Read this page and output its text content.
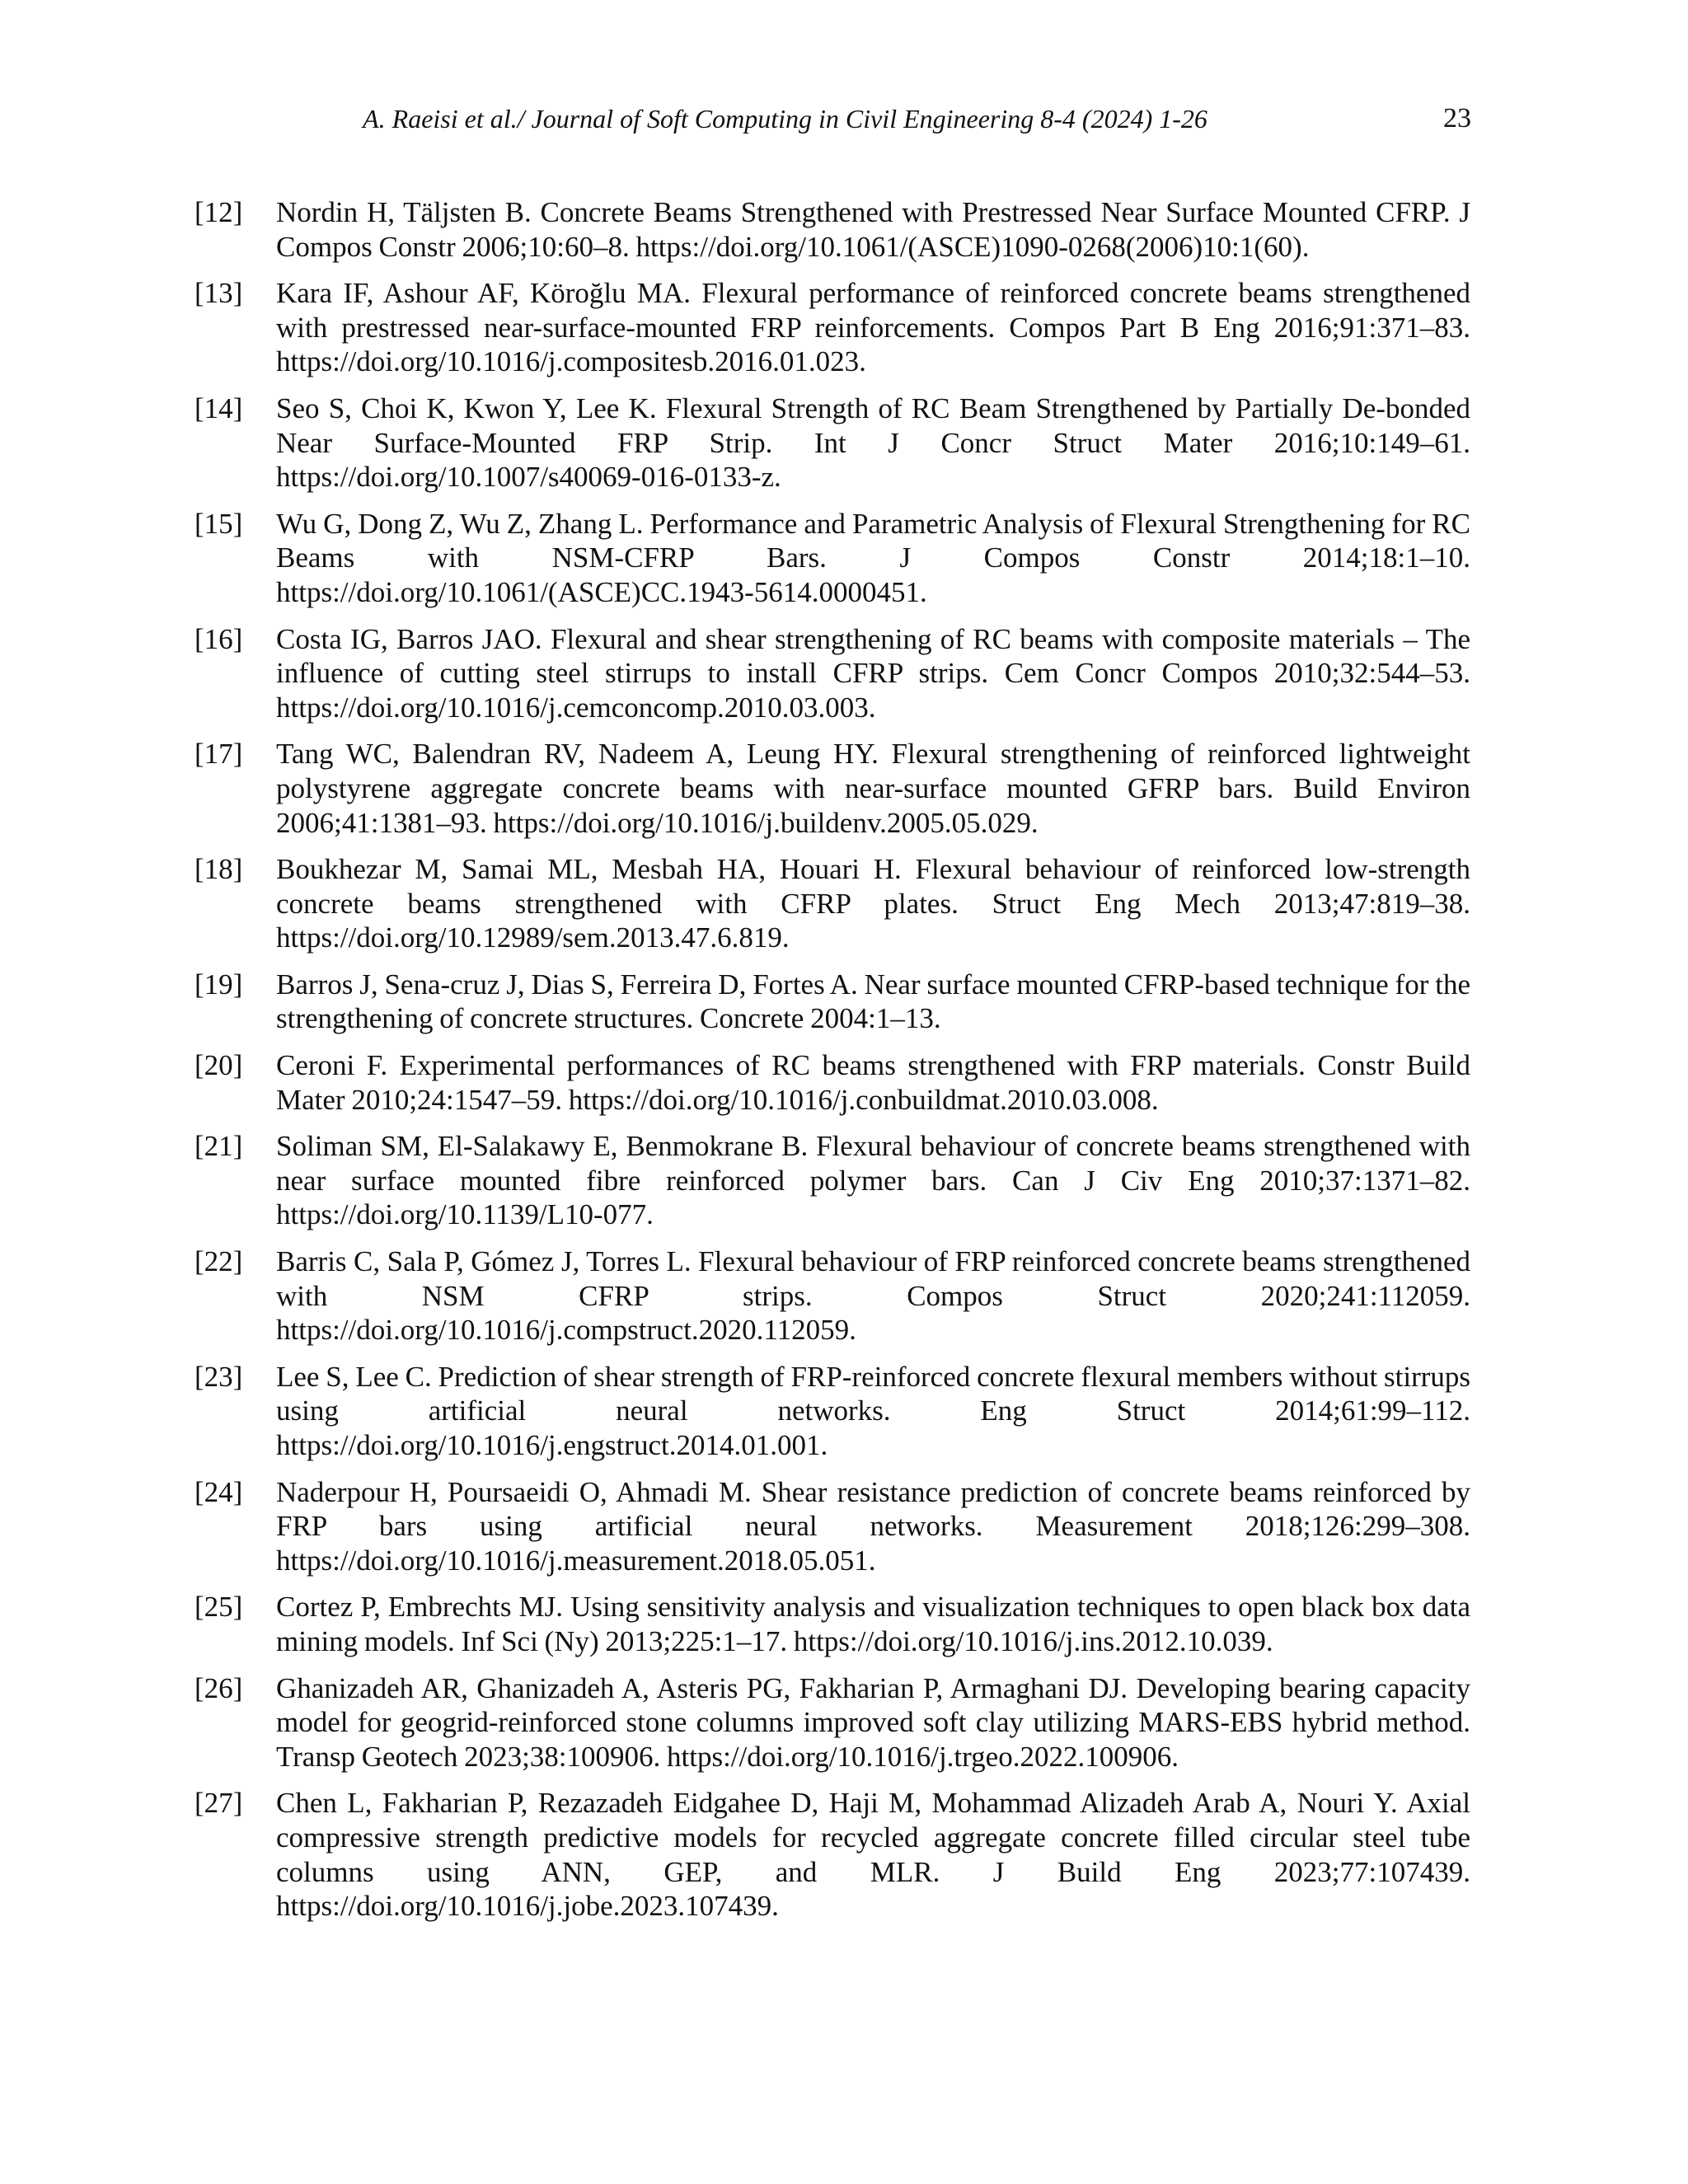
A. Raeisi et al./ Journal of Soft Computing in Civil Engineering 8-4 (2024) 1-26	23
[12]	Nordin H, Täljsten B. Concrete Beams Strengthened with Prestressed Near Surface Mounted CFRP. J Compos Constr 2006;10:60–8. https://doi.org/10.1061/(ASCE)1090-0268(2006)10:1(60).
[13]	Kara IF, Ashour AF, Köroğlu MA. Flexural performance of reinforced concrete beams strengthened with prestressed near-surface-mounted FRP reinforcements. Compos Part B Eng 2016;91:371–83. https://doi.org/10.1016/j.compositesb.2016.01.023.
[14]	Seo S, Choi K, Kwon Y, Lee K. Flexural Strength of RC Beam Strengthened by Partially De-bonded Near Surface-Mounted FRP Strip. Int J Concr Struct Mater 2016;10:149–61. https://doi.org/10.1007/s40069-016-0133-z.
[15]	Wu G, Dong Z, Wu Z, Zhang L. Performance and Parametric Analysis of Flexural Strengthening for RC Beams with NSM-CFRP Bars. J Compos Constr 2014;18:1–10. https://doi.org/10.1061/(ASCE)CC.1943-5614.0000451.
[16]	Costa IG, Barros JAO. Flexural and shear strengthening of RC beams with composite materials – The influence of cutting steel stirrups to install CFRP strips. Cem Concr Compos 2010;32:544–53. https://doi.org/10.1016/j.cemconcomp.2010.03.003.
[17]	Tang WC, Balendran RV, Nadeem A, Leung HY. Flexural strengthening of reinforced lightweight polystyrene aggregate concrete beams with near-surface mounted GFRP bars. Build Environ 2006;41:1381–93. https://doi.org/10.1016/j.buildenv.2005.05.029.
[18]	Boukhezar M, Samai ML, Mesbah HA, Houari H. Flexural behaviour of reinforced low-strength concrete beams strengthened with CFRP plates. Struct Eng Mech 2013;47:819–38. https://doi.org/10.12989/sem.2013.47.6.819.
[19]	Barros J, Sena-cruz J, Dias S, Ferreira D, Fortes A. Near surface mounted CFRP-based technique for the strengthening of concrete structures. Concrete 2004:1–13.
[20]	Ceroni F. Experimental performances of RC beams strengthened with FRP materials. Constr Build Mater 2010;24:1547–59. https://doi.org/10.1016/j.conbuildmat.2010.03.008.
[21]	Soliman SM, El-Salakawy E, Benmokrane B. Flexural behaviour of concrete beams strengthened with near surface mounted fibre reinforced polymer bars. Can J Civ Eng 2010;37:1371–82. https://doi.org/10.1139/L10-077.
[22]	Barris C, Sala P, Gómez J, Torres L. Flexural behaviour of FRP reinforced concrete beams strengthened with NSM CFRP strips. Compos Struct 2020;241:112059. https://doi.org/10.1016/j.compstruct.2020.112059.
[23]	Lee S, Lee C. Prediction of shear strength of FRP-reinforced concrete flexural members without stirrups using artificial neural networks. Eng Struct 2014;61:99–112. https://doi.org/10.1016/j.engstruct.2014.01.001.
[24]	Naderpour H, Poursaeidi O, Ahmadi M. Shear resistance prediction of concrete beams reinforced by FRP bars using artificial neural networks. Measurement 2018;126:299–308. https://doi.org/10.1016/j.measurement.2018.05.051.
[25]	Cortez P, Embrechts MJ. Using sensitivity analysis and visualization techniques to open black box data mining models. Inf Sci (Ny) 2013;225:1–17. https://doi.org/10.1016/j.ins.2012.10.039.
[26]	Ghanizadeh AR, Ghanizadeh A, Asteris PG, Fakharian P, Armaghani DJ. Developing bearing capacity model for geogrid-reinforced stone columns improved soft clay utilizing MARS-EBS hybrid method. Transp Geotech 2023;38:100906. https://doi.org/10.1016/j.trgeo.2022.100906.
[27]	Chen L, Fakharian P, Rezazadeh Eidgahee D, Haji M, Mohammad Alizadeh Arab A, Nouri Y. Axial compressive strength predictive models for recycled aggregate concrete filled circular steel tube columns using ANN, GEP, and MLR. J Build Eng 2023;77:107439. https://doi.org/10.1016/j.jobe.2023.107439.
